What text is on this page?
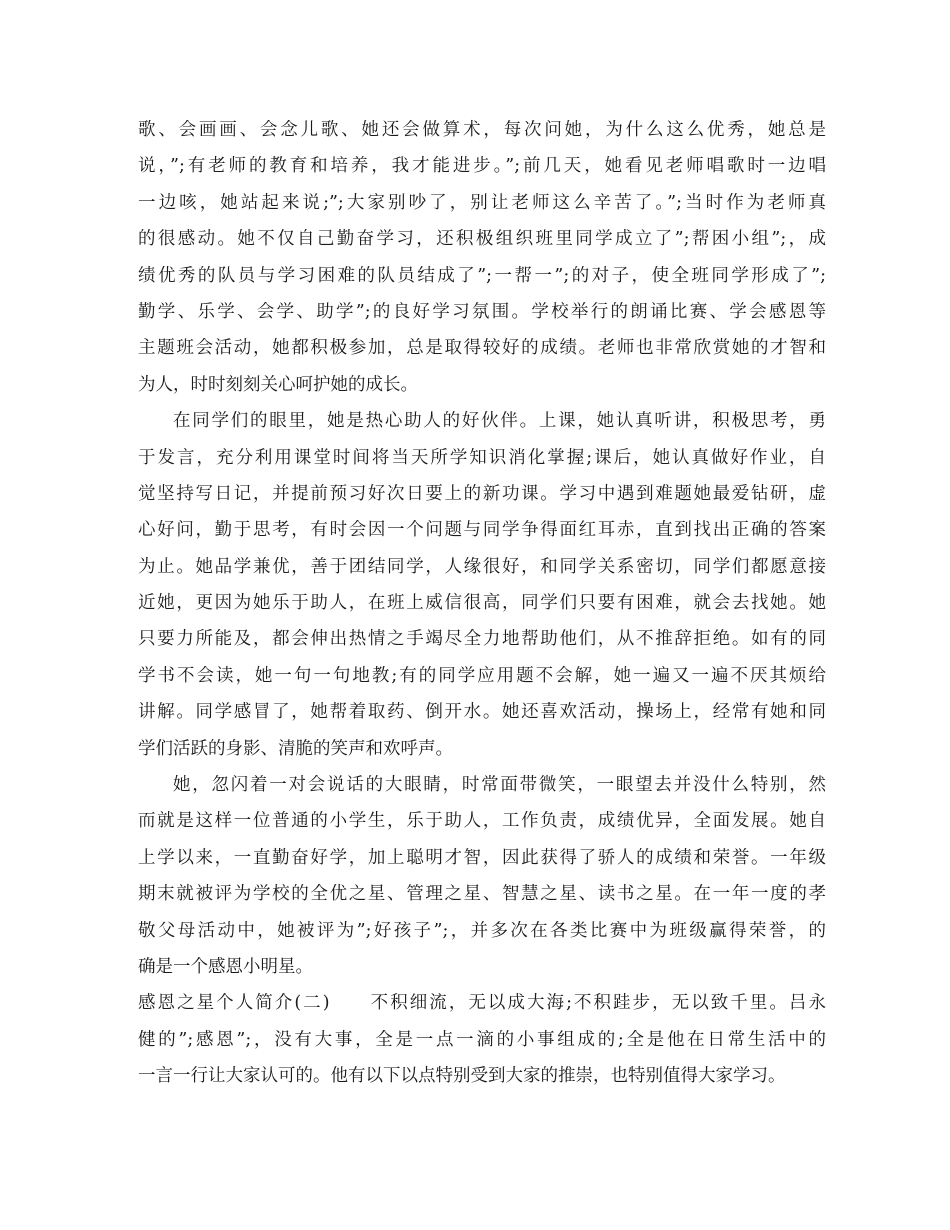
歌、会画画、会念儿歌、她还会做算术，每次问她，为什么这么优秀，她总是
说，”;有老师的教育和培养，我才能进步。”;前几天，她看见老师唱歌时一边唱
一边咳，她站起来说;”;大家别吵了，别让老师这么辛苦了。”;当时作为老师真
的很感动。她不仅自己勤奋学习，还积极组织班里同学成立了”;帮困小组”;，成
绩优秀的队员与学习困难的队员结成了”;一帮一”;的对子，使全班同学形成了”;
勤学、乐学、会学、助学”;的良好学习氛围。学校举行的朗诵比赛、学会感恩等
主题班会活动，她都积极参加，总是取得较好的成绩。老师也非常欣赏她的才智和
为人，时时刻刻关心呵护她的成长。
在同学们的眼里，她是热心助人的好伙伴。上课，她认真听讲，积极思考，勇
于发言，充分利用课堂时间将当天所学知识消化掌握;课后，她认真做好作业，自
觉坚持写日记，并提前预习好次日要上的新功课。学习中遇到难题她最爱钻研，虚
心好问，勤于思考，有时会因一个问题与同学争得面红耳赤，直到找出正确的答案
为止。她品学兼优，善于团结同学，人缘很好，和同学关系密切，同学们都愿意接
近她，更因为她乐于助人，在班上威信很高，同学们只要有困难，就会去找她。她
只要力所能及，都会伸出热情之手竭尽全力地帮助他们，从不推辞拒绝。如有的同
学书不会读，她一句一句地教;有的同学应用题不会解，她一遍又一遍不厌其烦给
讲解。同学感冒了，她帮着取药、倒开水。她还喜欢活动，操场上，经常有她和同
学们活跃的身影、清脆的笑声和欢呼声。
她，忽闪着一对会说话的大眼睛，时常面带微笑，一眼望去并没什么特别，然
而就是这样一位普通的小学生，乐于助人，工作负责，成绩优异，全面发展。她自
上学以来，一直勤奋好学，加上聪明才智，因此获得了骄人的成绩和荣誉。一年级
期末就被评为学校的全优之星、管理之星、智慧之星、读书之星。在一年一度的孝
敬父母活动中，她被评为”;好孩子”;，并多次在各类比赛中为班级赢得荣誉，的
确是一个感恩小明星。
感恩之星个人简介(二)　　不积细流，无以成大海;不积跬步，无以致千里。吕永
健的”;感恩”;，没有大事，全是一点一滴的小事组成的;全是他在日常生活中的
一言一行让大家认可的。他有以下以点特别受到大家的推崇，也特别值得大家学习。
